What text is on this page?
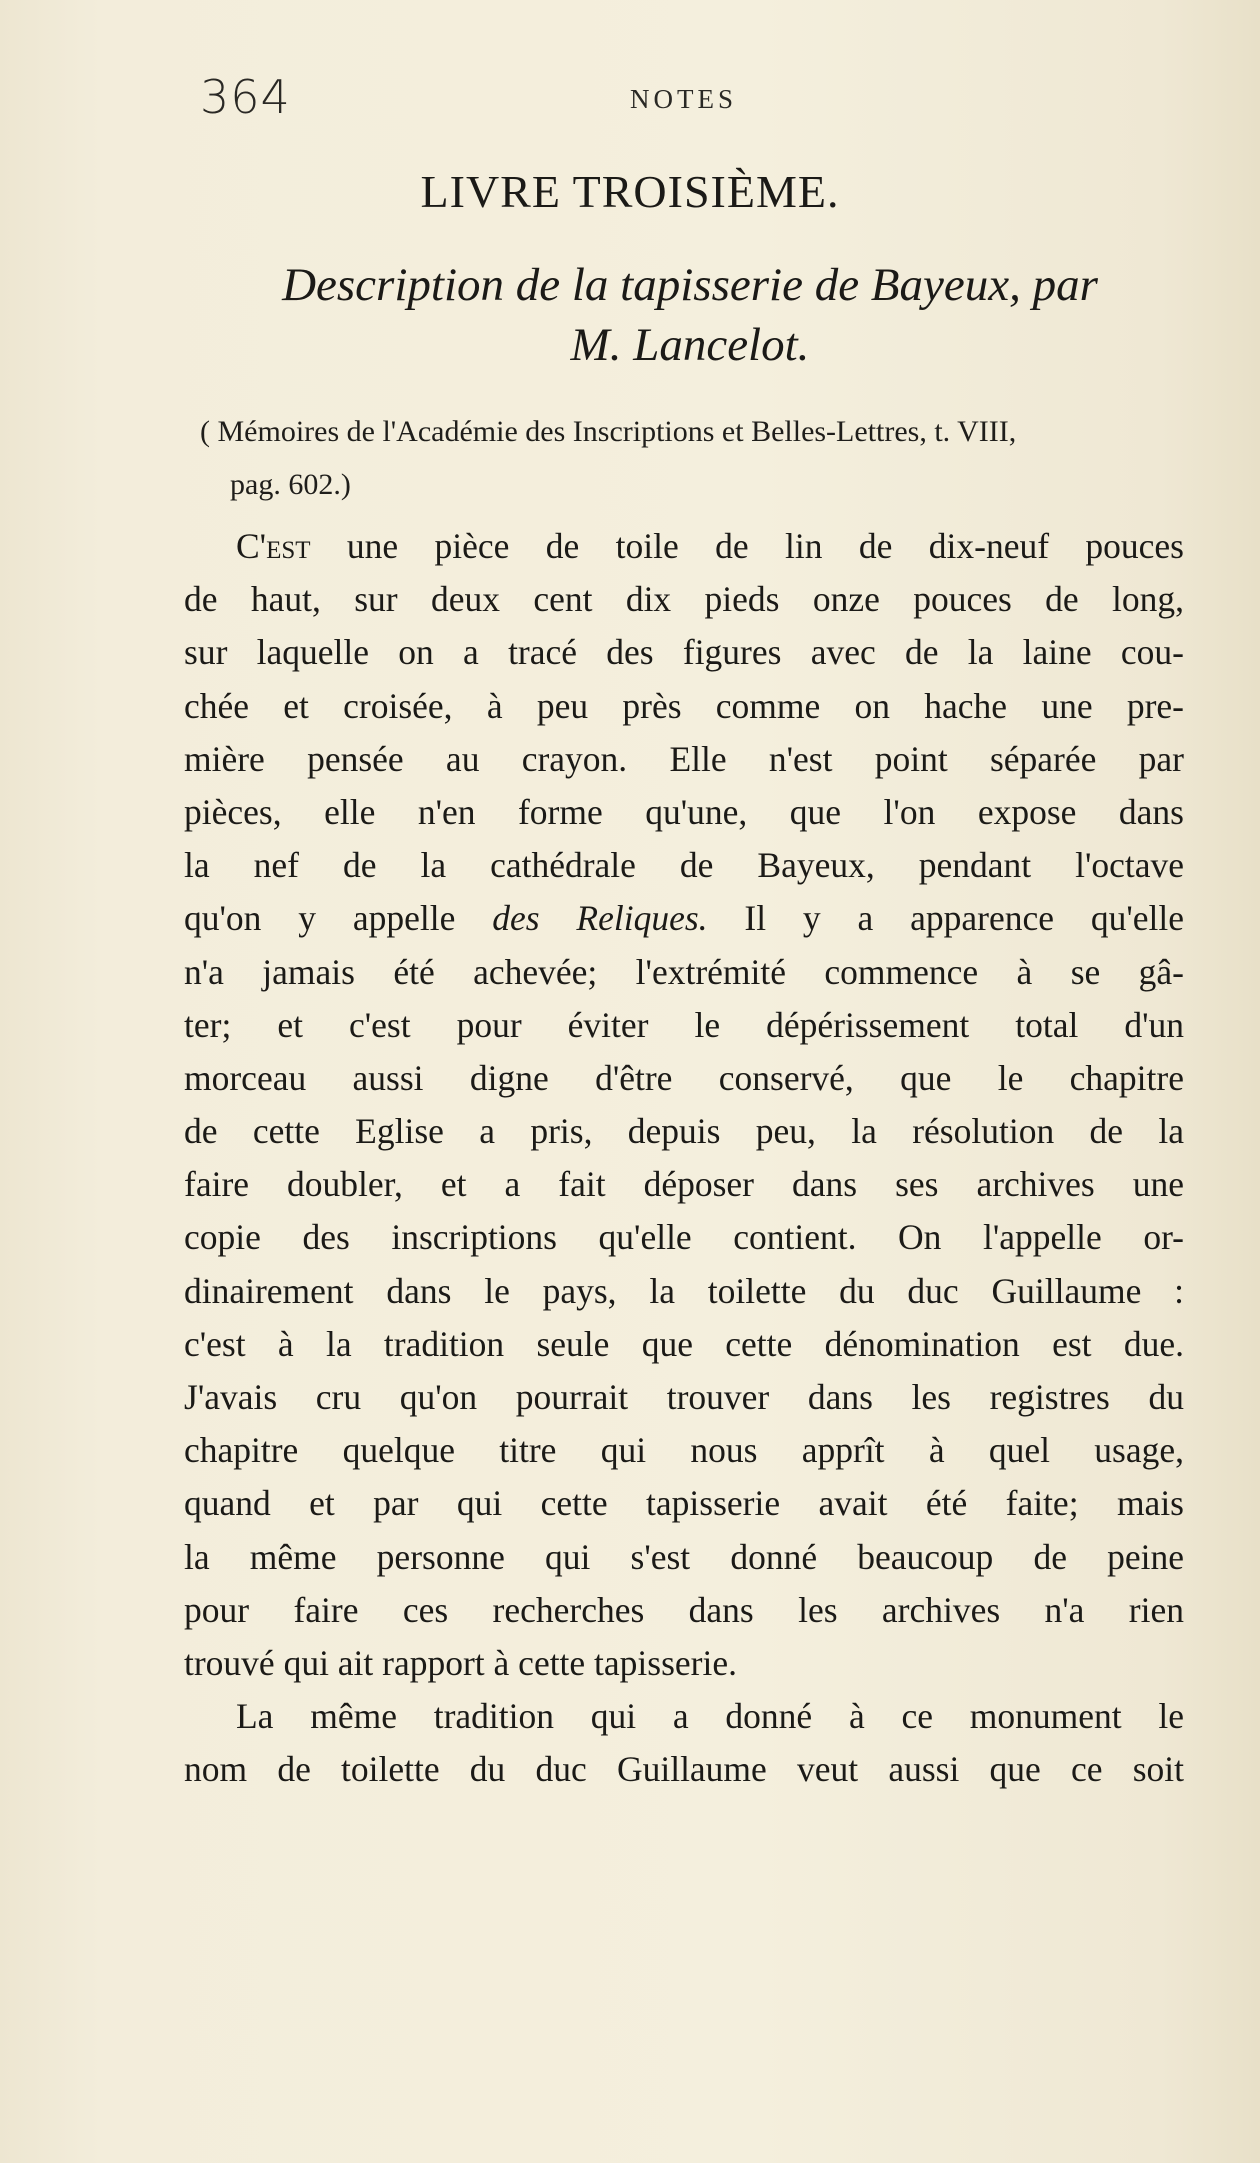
364	NOTES
LIVRE TROISIÈME.
Description de la tapisserie de Bayeux, par
M. Lancelot.
( Mémoires de l'Académie des Inscriptions et Belles-Lettres, t. VIII,
pag. 602.)
C'est une pièce de toile de lin de dix-neuf pouces
de haut, sur deux cent dix pieds onze pouces de long,
sur laquelle on a tracé des figures avec de la laine cou-
chée et croisée, à peu près comme on hache une pre-
mière pensée au crayon. Elle n'est point séparée par
pièces, elle n'en forme qu'une, que l'on expose dans
la nef de la cathédrale de Bayeux, pendant l'octave
qu'on y appelle des Reliques. Il y a apparence qu'elle
n'a jamais été achevée; l'extrémité commence à se gâ-
ter; et c'est pour éviter le dépérissement total d'un
morceau aussi digne d'être conservé, que le chapitre
de cette Eglise a pris, depuis peu, la résolution de la
faire doubler, et a fait déposer dans ses archives une
copie des inscriptions qu'elle contient. On l'appelle or-
dinairement dans le pays, la toilette du duc Guillaume :
c'est à la tradition seule que cette dénomination est due.
J'avais cru qu'on pourrait trouver dans les registres du
chapitre quelque titre qui nous apprît à quel usage,
quand et par qui cette tapisserie avait été faite; mais
la même personne qui s'est donné beaucoup de peine
pour faire ces recherches dans les archives n'a rien
trouvé qui ait rapport à cette tapisserie.
La même tradition qui a donné à ce monument le
nom de toilette du duc Guillaume veut aussi que ce soit
